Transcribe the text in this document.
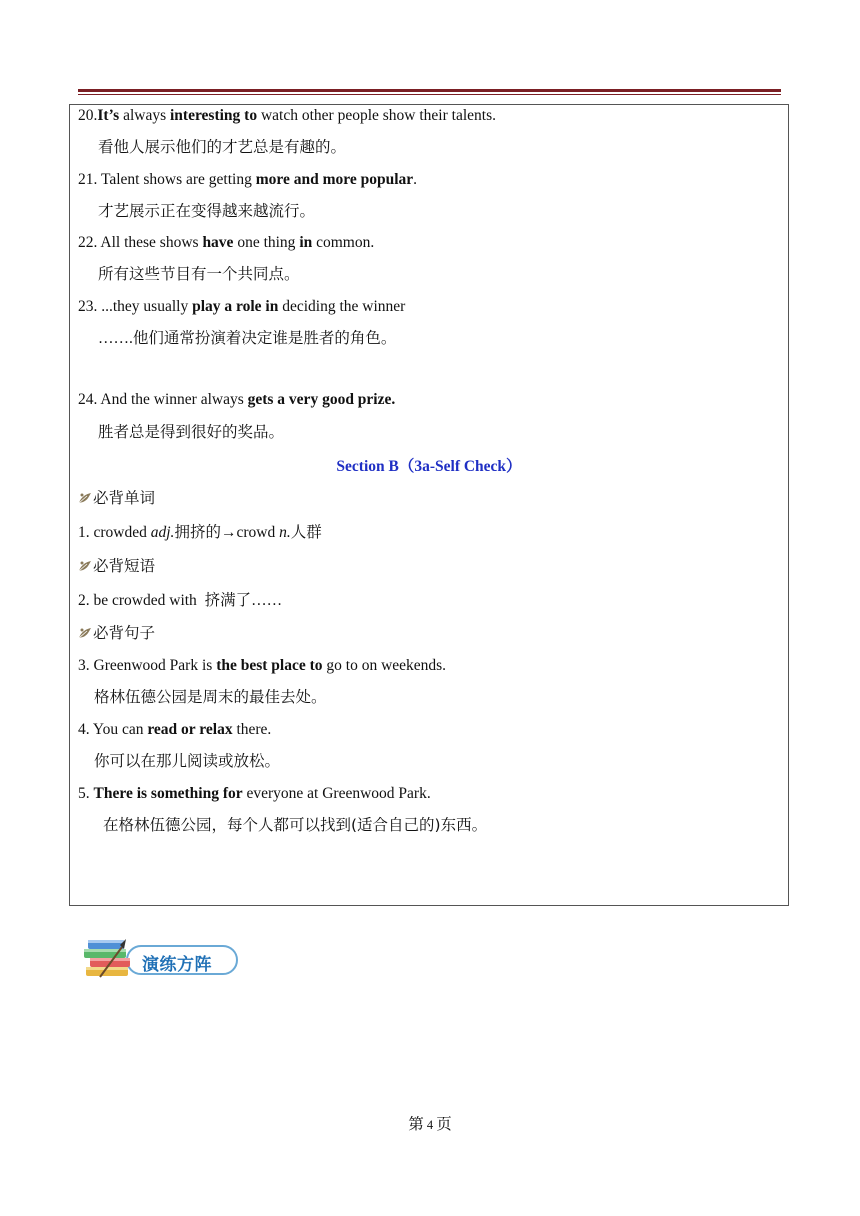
20.It’s always interesting to watch other people show their talents.
看他人展示他们的才艺总是有趣的。
21. Talent shows are getting more and more popular.
才艺展示正在变得越来越流行。
22. All these shows have one thing in common.
所有这些节目有一个共同点。
23. ...they usually play a role in deciding the winner
…….他们通常扮演着决定谁是胜者的角色。
24. And the winner always gets a very good prize.
胜者总是得到很好的奖品。
Section B（3a-Self Check）
必背单词
1. crowded adj.拥挤的→crowd n.人群
必背短语
2. be crowded with 挤满了……
必背句子
3. Greenwood Park is the best place to go to on weekends.
格林伍德公园是周末的最佳去处。
4. You can read or relax there.
你可以在那儿阅读或放松。
5. There is something for everyone at Greenwood Park.
在格林伍德公园，每个人都可以找到(适合自己的)东西。
演练方阵
第 4 页
